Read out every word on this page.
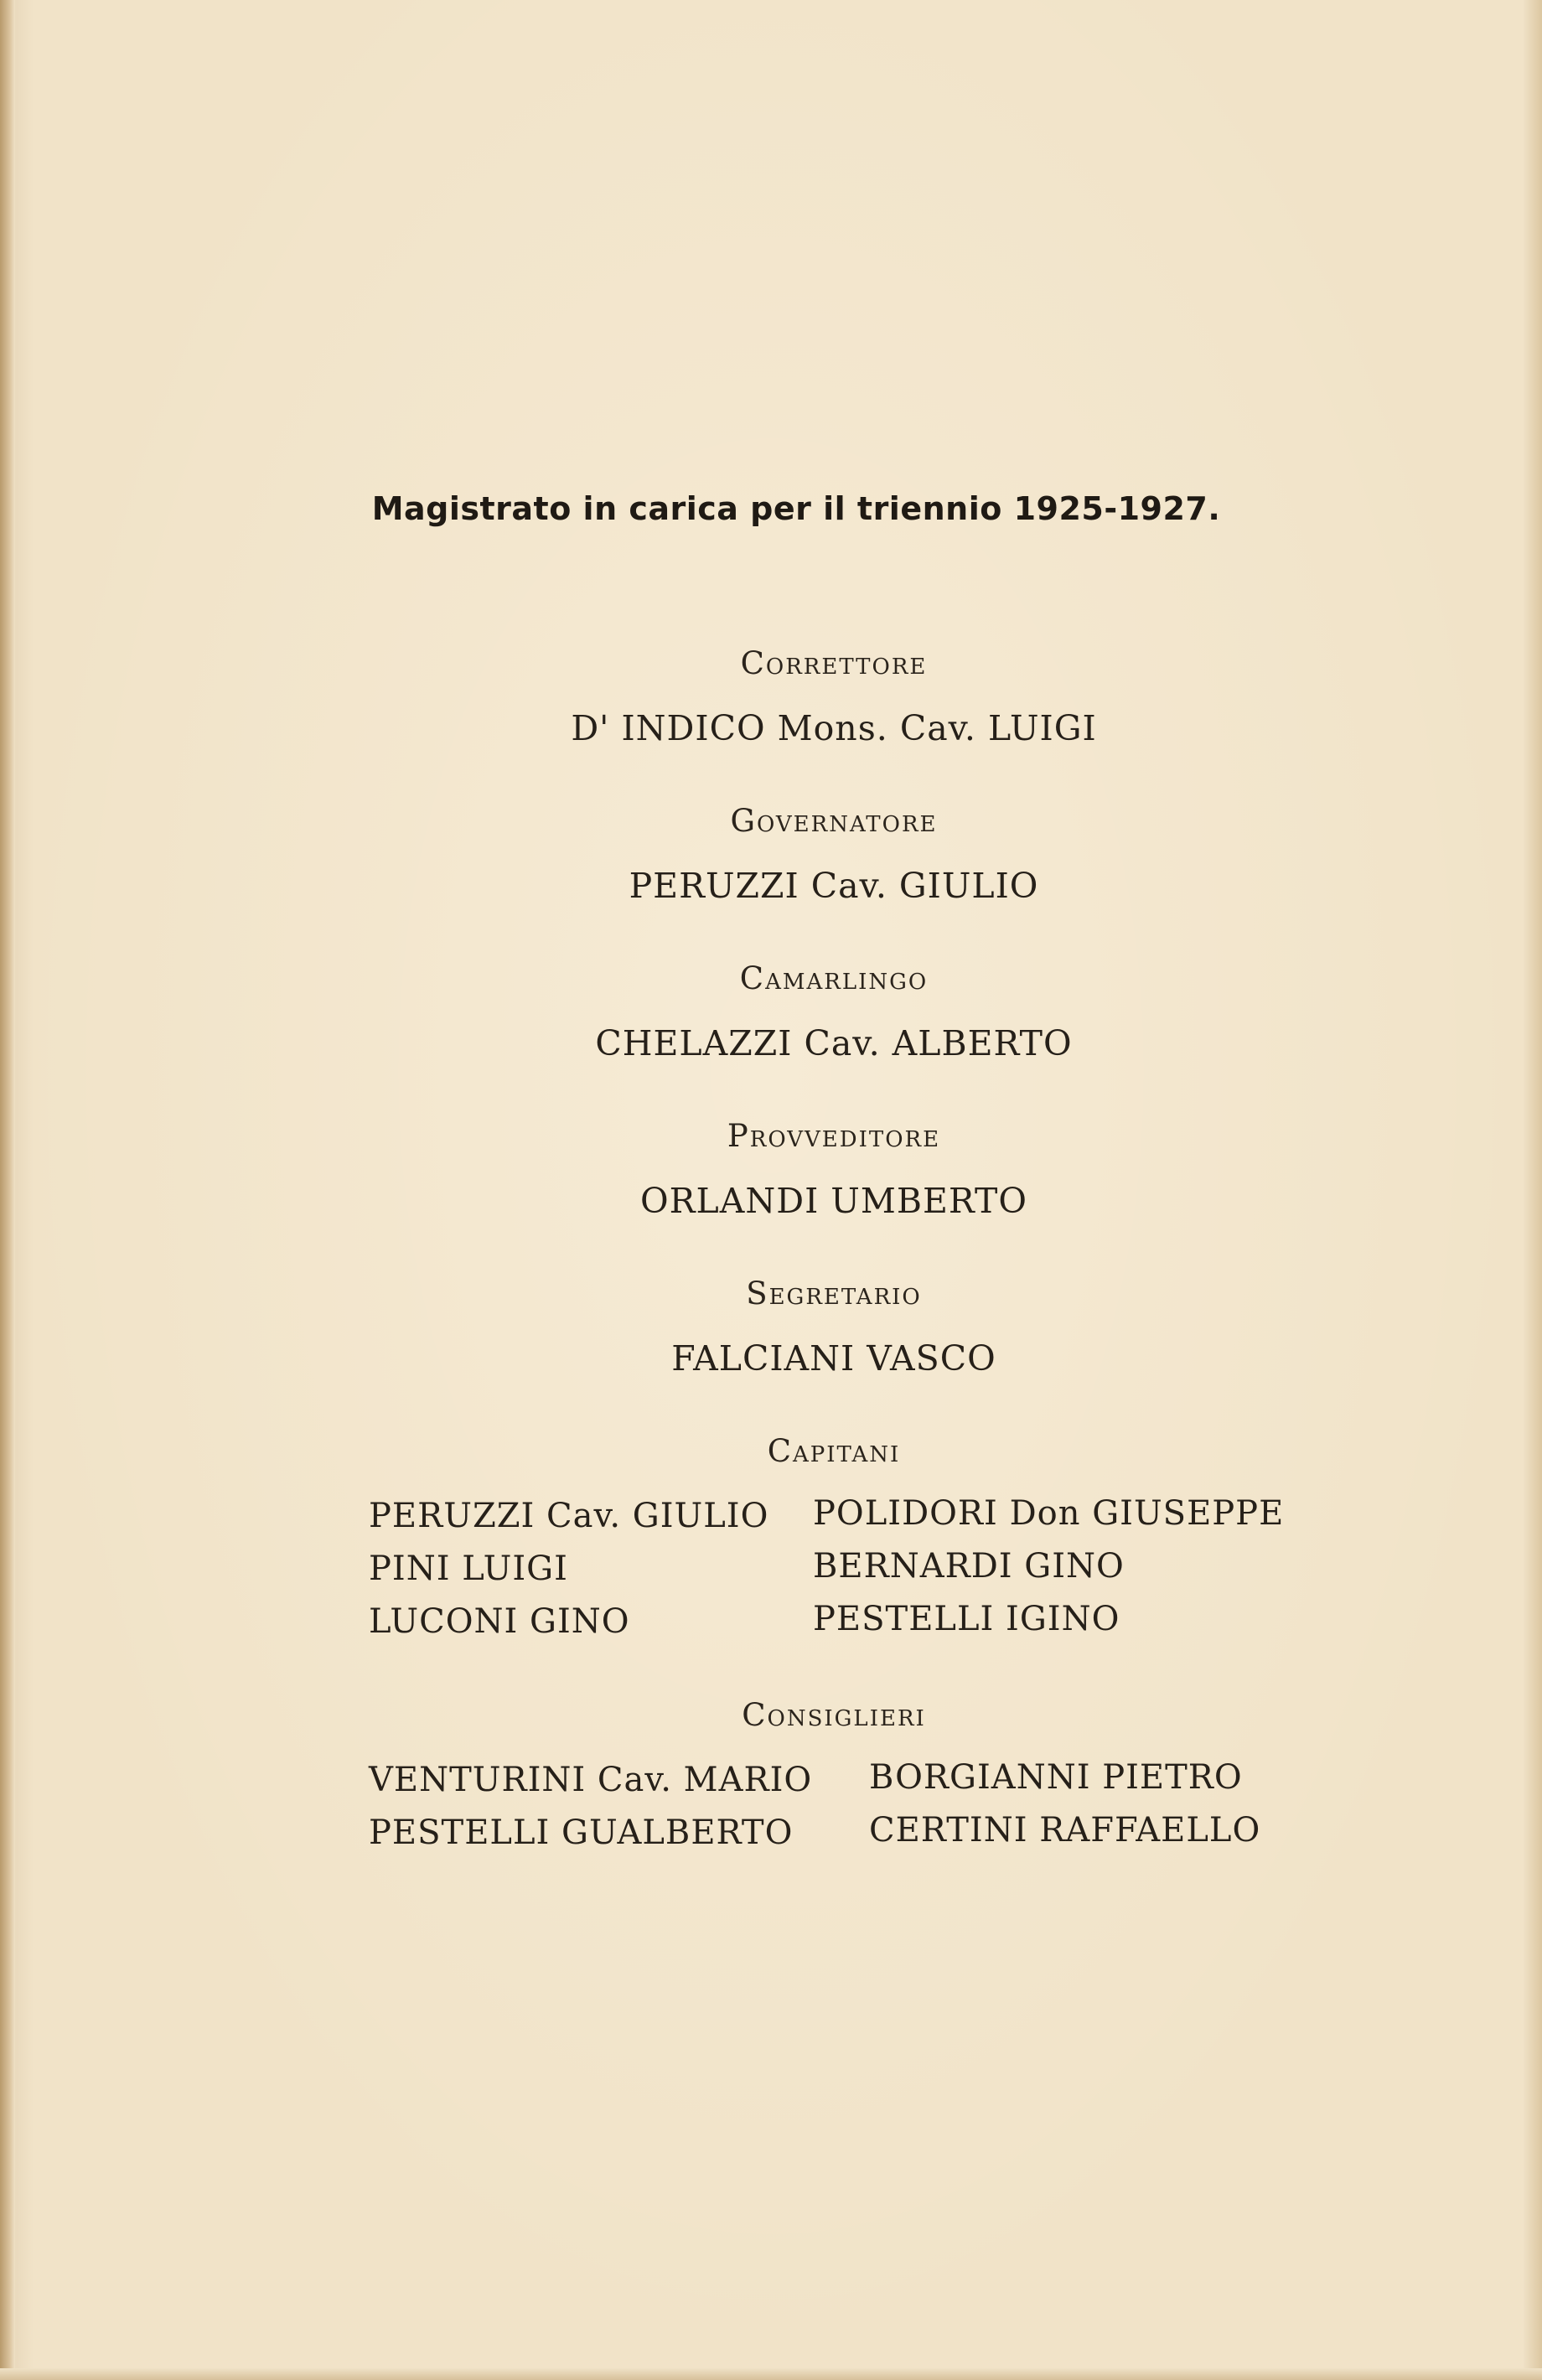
Magistrato in carica per il triennio 1925-1927.
Correttore
D' INDICO Mons. Cav. LUIGI
Governatore
PERUZZI Cav. GIULIO
Camarlingo
CHELAZZI Cav. ALBERTO
Provveditore
ORLANDI UMBERTO
Segretario
FALCIANI VASCO
Capitani
PERUZZI Cav. GIULIO
PINI LUIGI
LUCONI GINO
POLIDORI Don GIUSEPPE
BERNARDI GINO
PESTELLI IGINO
Consiglieri
VENTURINI Cav. MARIO
PESTELLI GUALBERTO
BORGIANNI PIETRO
CERTINI RAFFAELLO
